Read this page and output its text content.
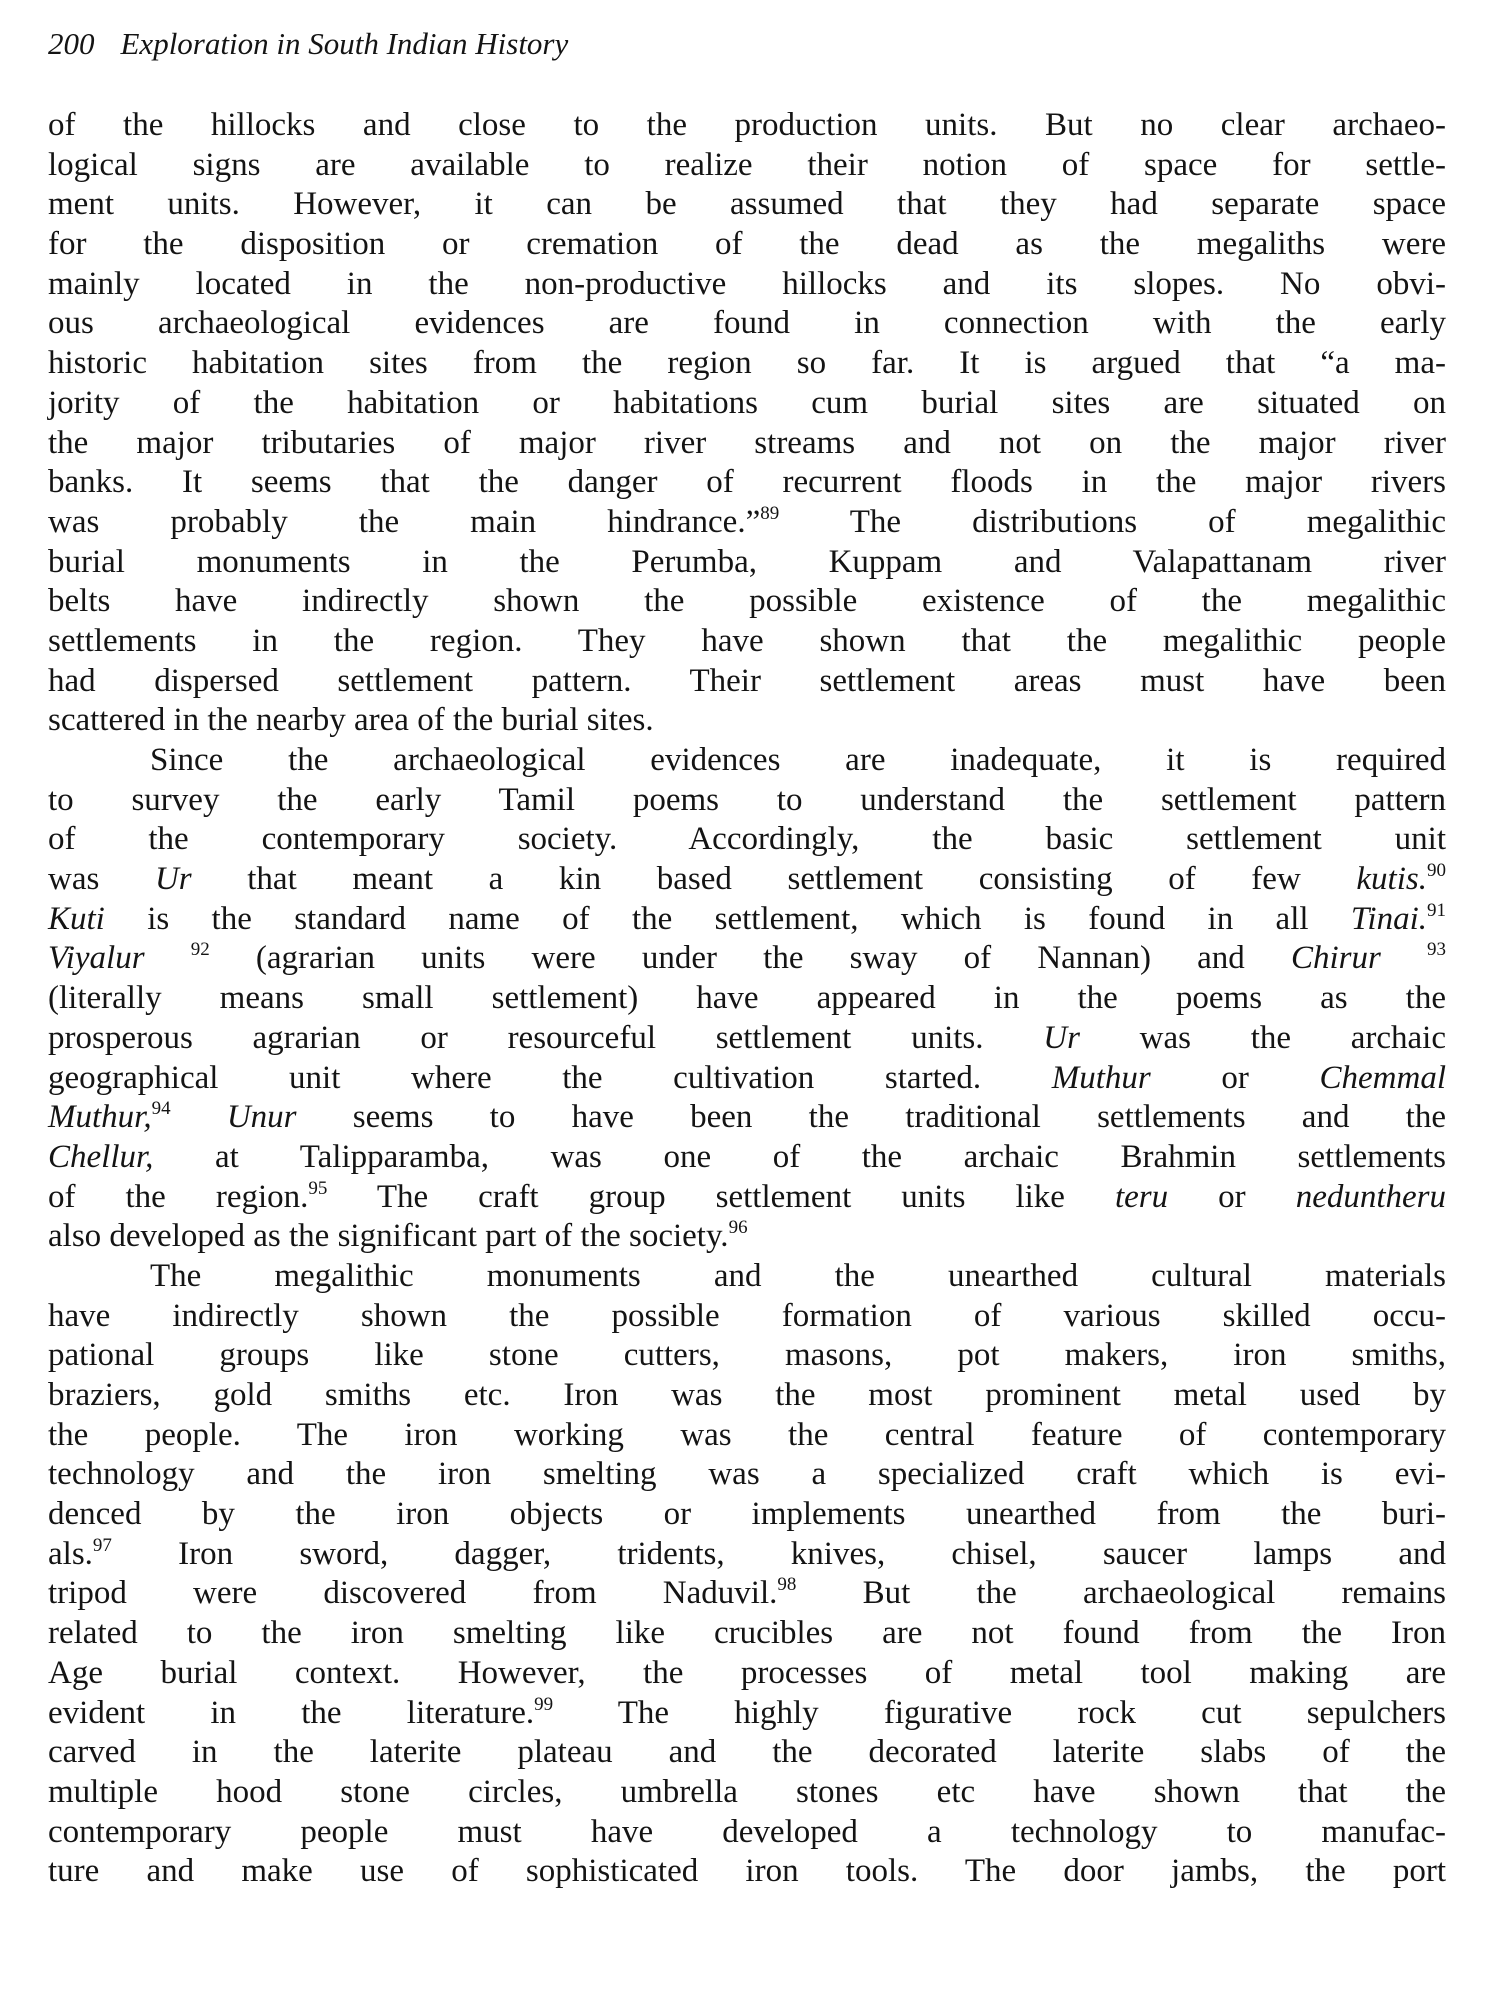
200 Exploration in South Indian History
of the hillocks and close to the production units. But no clear archaeo-
logical signs are available to realize their notion of space for settle-
ment units. However, it can be assumed that they had separate space
for the disposition or cremation of the dead as the megaliths were
mainly located in the non-productive hillocks and its slopes. No obvi-
ous archaeological evidences are found in connection with the early
historic habitation sites from the region so far. It is argued that “a ma-
jority of the habitation or habitations cum burial sites are situated on
the major tributaries of major river streams and not on the major river
banks. It seems that the danger of recurrent floods in the major rivers
was probably the main hindrance.”$^{89}$ The distributions of megalithic
burial monuments in the Perumba, Kuppam and Valapattanam river
belts have indirectly shown the possible existence of the megalithic
settlements in the region. They have shown that the megalithic people
had dispersed settlement pattern. Their settlement areas must have been
scattered in the nearby area of the burial sites.
Since the archaeological evidences are inadequate, it is required
to survey the early Tamil poems to understand the settlement pattern
of the contemporary society. Accordingly, the basic settlement unit
was Ur that meant a kin based settlement consisting of few kutis.$^{90}$
Kuti is the standard name of the settlement, which is found in all Tinai.$^{91}$
Viyalur $^{92}$ (agrarian units were under the sway of Nannan) and Chirur $^{93}$
(literally means small settlement) have appeared in the poems as the
prosperous agrarian or resourceful settlement units. Ur was the archaic
geographical unit where the cultivation started. Muthur or Chemmal
Muthur,$^{94}$ Unur seems to have been the traditional settlements and the
Chellur, at Talipparamba, was one of the archaic Brahmin settlements
of the region.$^{95}$ The craft group settlement units like teru or neduntheru
also developed as the significant part of the society.$^{96}$
The megalithic monuments and the unearthed cultural materials
have indirectly shown the possible formation of various skilled occu-
pational groups like stone cutters, masons, pot makers, iron smiths,
braziers, gold smiths etc. Iron was the most prominent metal used by
the people. The iron working was the central feature of contemporary
technology and the iron smelting was a specialized craft which is evi-
denced by the iron objects or implements unearthed from the buri-
als.$^{97}$ Iron sword, dagger, tridents, knives, chisel, saucer lamps and
tripod were discovered from Naduvil.$^{98}$ But the archaeological remains
related to the iron smelting like crucibles are not found from the Iron
Age burial context. However, the processes of metal tool making are
evident in the literature.$^{99}$ The highly figurative rock cut sepulchers
carved in the laterite plateau and the decorated laterite slabs of the
multiple hood stone circles, umbrella stones etc have shown that the
contemporary people must have developed a technology to manufac-
ture and make use of sophisticated iron tools. The door jambs, the port
